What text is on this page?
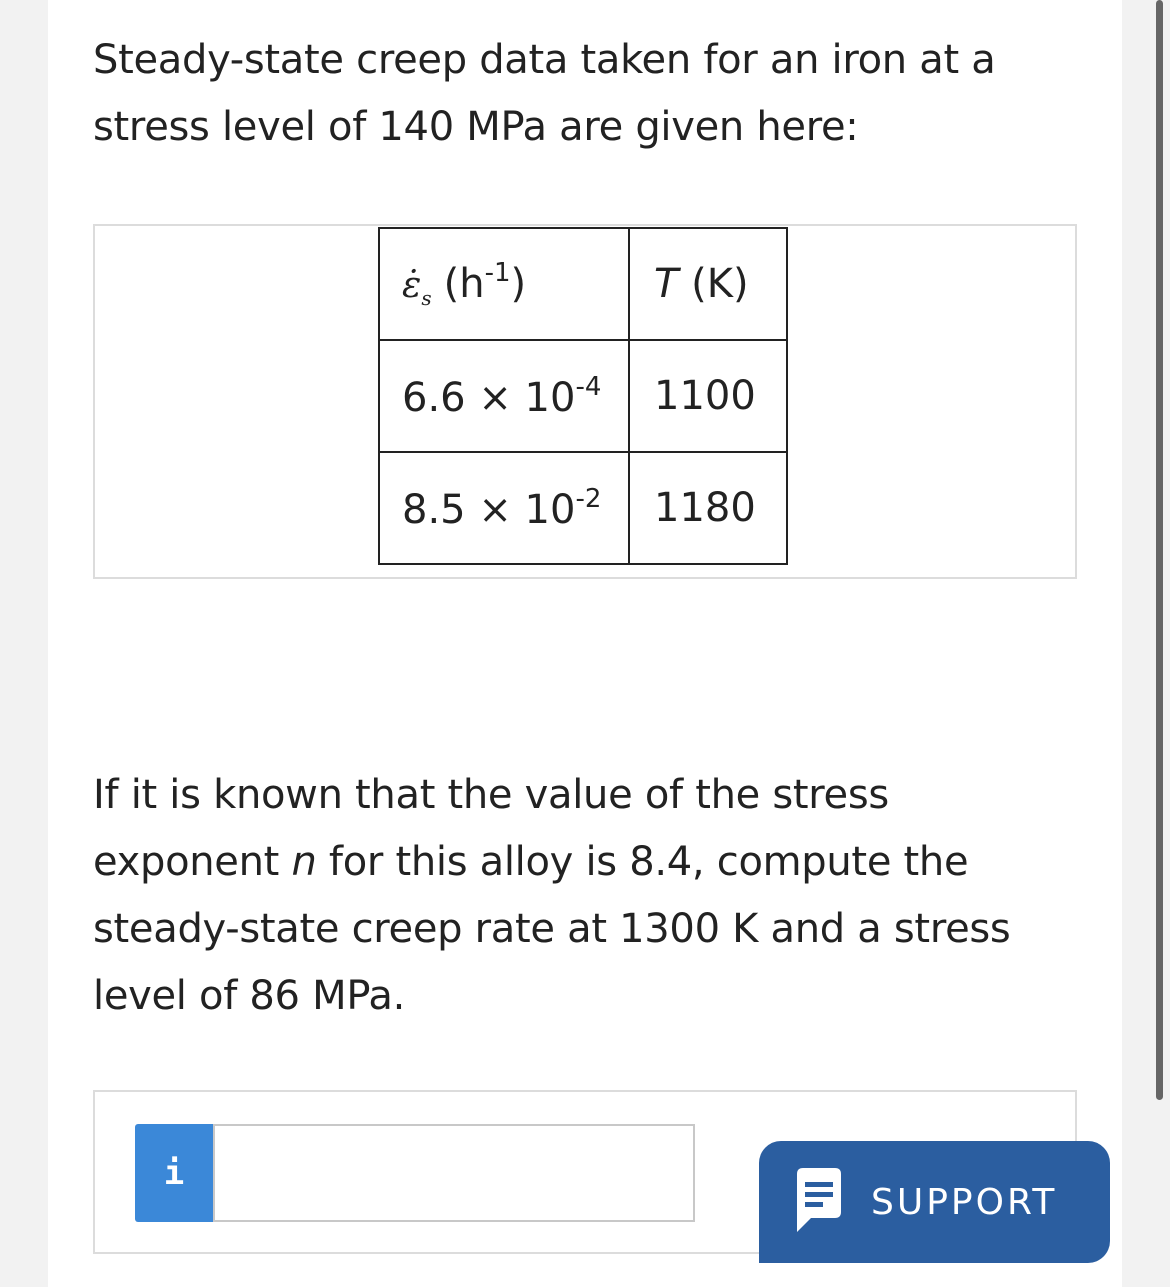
Steady-state creep data taken for an iron at a stress level of 140 MPa are given here:

$\varepsiloṅ_s$ $(h^{-1})$	T (K)
$6.6 \times 10^{-4}$	1100
$8.5 \times 10^{-2}$	1180

If it is known that the value of the stress exponent n for this alloy is 8.4, compute the steady-state creep rate at 1300 K and a stress level of 86 MPa.

i
SUPPORT
